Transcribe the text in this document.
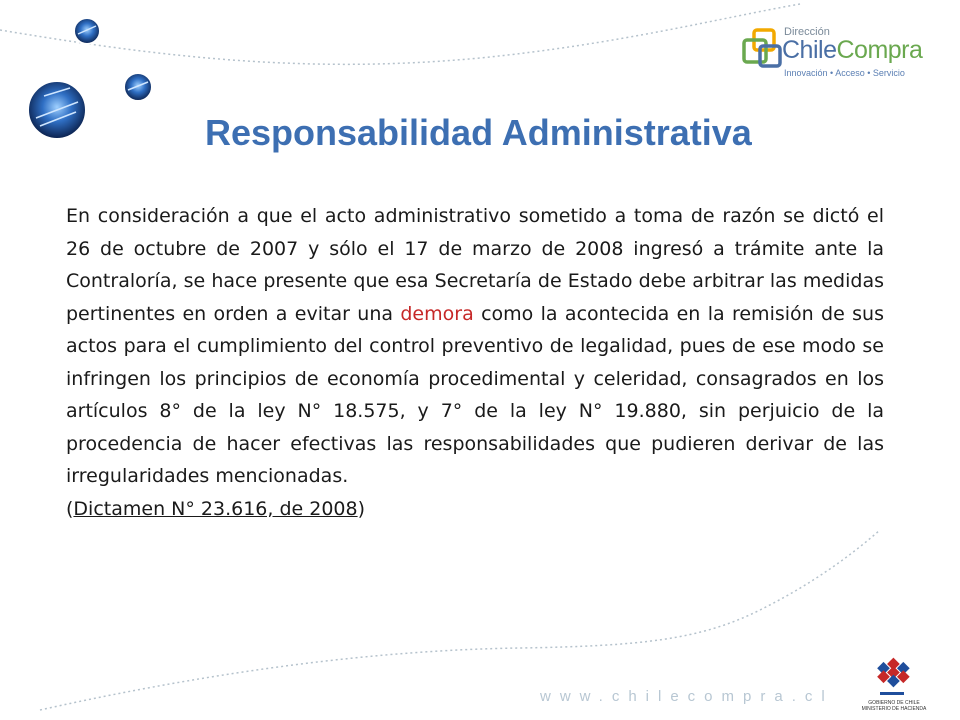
Dirección
ChileCompra
Innovación • Acceso • Servicio
Responsabilidad Administrativa

En consideración a que el acto administrativo sometido a toma de razón se dictó el 26 de octubre de 2007 y sólo el 17 de marzo de 2008 ingresó a trámite ante la Contraloría, se hace presente que esa Secretaría de Estado debe arbitrar las medidas pertinentes en orden a evitar una demora como la acontecida en la remisión de sus actos para el cumplimiento del control preventivo de legalidad, pues de ese modo se infringen los principios de economía procedimental y celeridad, consagrados en los artículos 8° de la ley N° 18.575, y 7° de la ley N° 19.880, sin perjuicio de la procedencia de hacer efectivas las responsabilidades que pudieren derivar de las irregularidades mencionadas.

(Dictamen N° 23.616, de 2008)

www.chilecompra.cl	GOBIERNO DE CHILE
MINISTERIO DE HACIENDA
